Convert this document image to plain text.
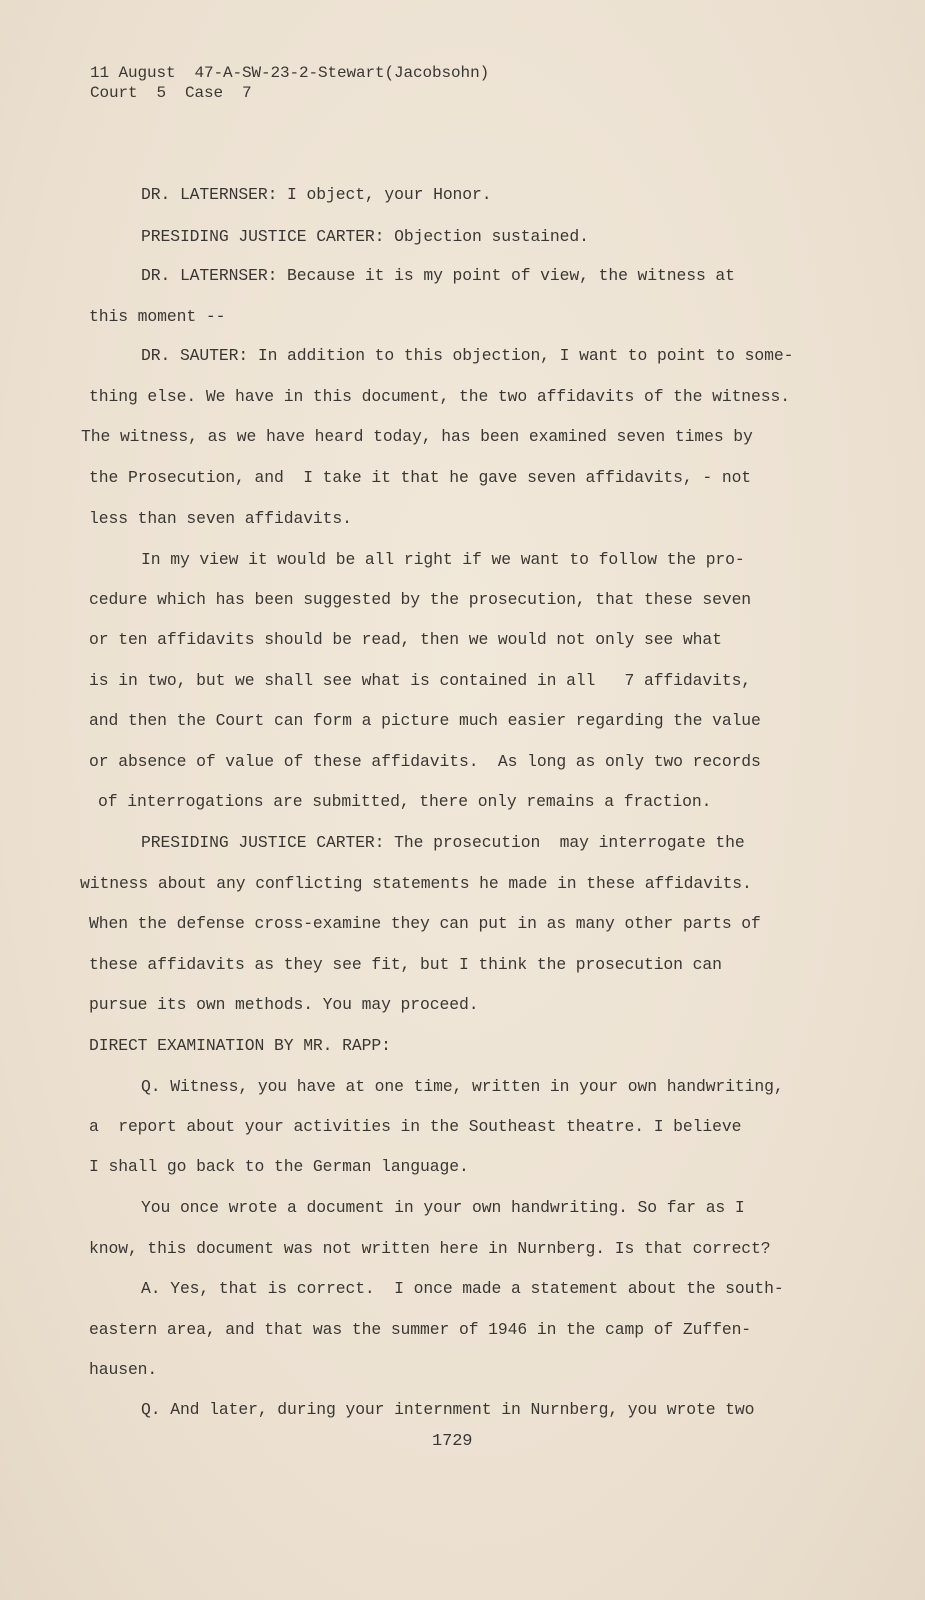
11 August  47-A-SW-23-2-Stewart(Jacobsohn)
Court  5  Case  7
DR. LATERNSER: I object, your Honor.
PRESIDING JUSTICE CARTER: Objection sustained.
DR. LATERNSER: Because it is my point of view, the witness at
this moment --
DR. SAUTER: In addition to this objection, I want to point to some-
thing else. We have in this document, the two affidavits of the witness.
The witness, as we have heard today, has been examined seven times by
the Prosecution, and  I take it that he gave seven affidavits, - not
less than seven affidavits.
In my view it would be all right if we want to follow the pro-
cedure which has been suggested by the prosecution, that these seven
or ten affidavits should be read, then we would not only see what
is in two, but we shall see what is contained in all   7 affidavits,
and then the Court can form a picture much easier regarding the value
or absence of value of these affidavits.  As long as only two records
of interrogations are submitted, there only remains a fraction.
PRESIDING JUSTICE CARTER: The prosecution  may interrogate the
witness about any conflicting statements he made in these affidavits.
When the defense cross-examine they can put in as many other parts of
these affidavits as they see fit, but I think the prosecution can
pursue its own methods. You may proceed.
DIRECT EXAMINATION BY MR. RAPP:
Q. Witness, you have at one time, written in your own handwriting,
a  report about your activities in the Southeast theatre. I believe
I shall go back to the German language.
You once wrote a document in your own handwriting. So far as I
know, this document was not written here in Nurnberg. Is that correct?
A. Yes, that is correct.  I once made a statement about the south-
eastern area, and that was the summer of 1946 in the camp of Zuffen-
hausen.
Q. And later, during your internment in Nurnberg, you wrote two
1729
